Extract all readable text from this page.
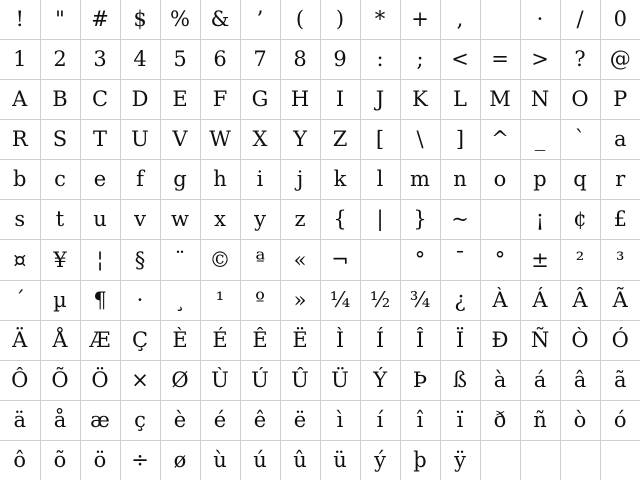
!	"	#	$	%	&	’	(	)	*	+	,		·	/	0
1	2	3	4	5	6	7	8	9	:	;	<	=	>	?	@
A	B	C	D	E	F	G	H	I	J	K	L	M	N	O	P
R	S	T	U	V	W	X	Y	Z	[	\	]	^	_	`	a
b	c	e	f	g	h	i	j	k	l	m	n	o	p	q	r
s	t	u	v	w	x	y	z	{	|	}	~		¡	¢	£
¤	¥	¦	§	¨	©	ª	«	¬		°	¯	°	±	²	³
´	µ	¶	·	¸	¹	º	»	¼	½	¾	¿	À	Á	Â	Ã
Ä	Å	Æ	Ç	È	É	Ê	Ë	Ì	Í	Î	Ï	Ð	Ñ	Ò	Ó
Ô	Õ	Ö	×	Ø	Ù	Ú	Û	Ü	Ý	Þ	ß	à	á	â	ã
ä	å	æ	ç	è	é	ê	ë	ì	í	î	ï	ð	ñ	ò	ó
ô	õ	ö	÷	ø	ù	ú	û	ü	ý	þ	ÿ				
